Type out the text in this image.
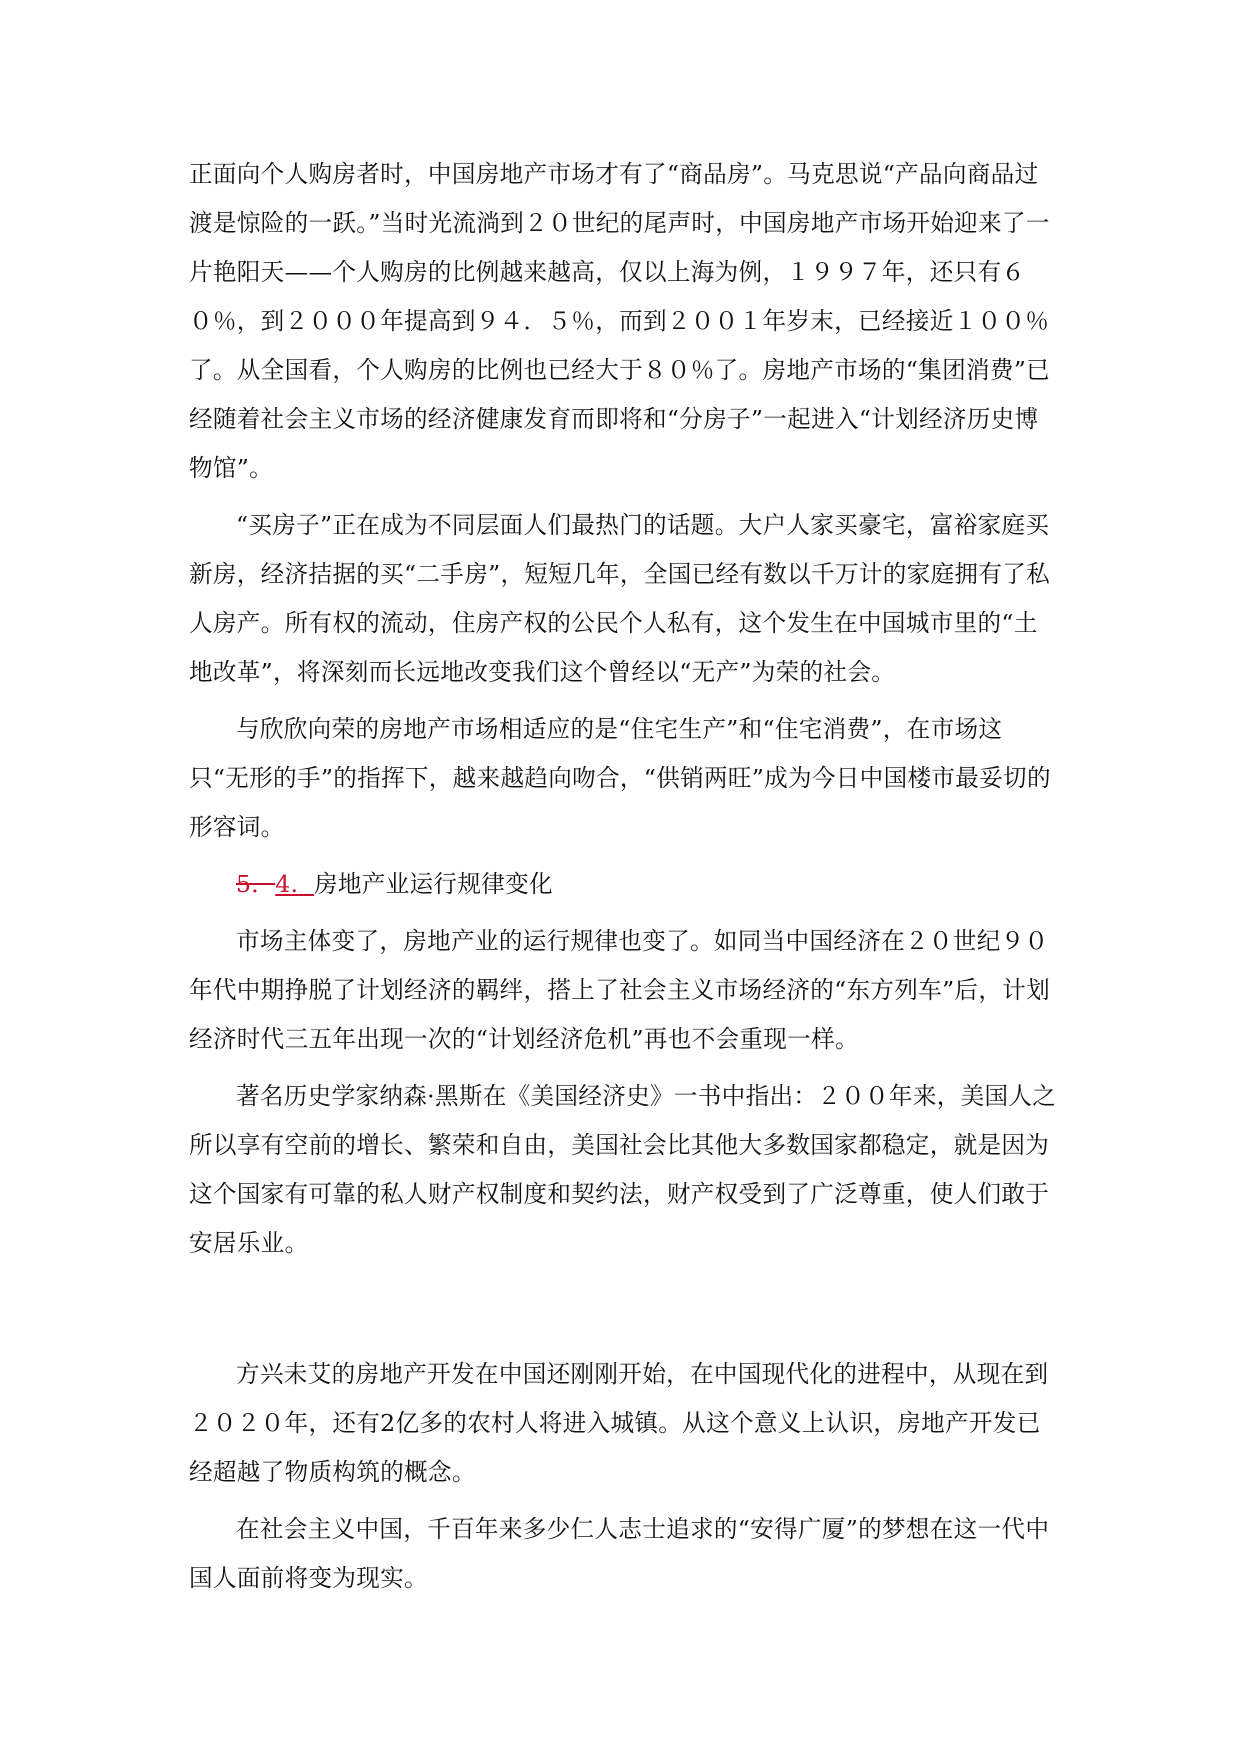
正面向个人购房者时，中国房地产市场才有了“商品房”。马克思说“产品向商品过渡是惊险的一跃。”当时光流淌到２０世纪的尾声时，中国房地产市场开始迎来了一片艳阳天——个人购房的比例越来越高，仅以上海为例，１９９７年，还只有６０％，到２０００年提高到９４．５％，而到２００１年岁末，已经接近１００％了。从全国看，个人购房的比例也已经大于８０％了。房地产市场的“集团消费”已经随着社会主义市场的经济健康发育而即将和“分房子”一起进入“计划经济历史博物馆”。

“买房子”正在成为不同层面人们最热门的话题。大户人家买豪宅，富裕家庭买新房，经济拮据的买“二手房”，短短几年，全国已经有数以千万计的家庭拥有了私人房产。所有权的流动，住房产权的公民个人私有，这个发生在中国城市里的“土地改革”，将深刻而长远地改变我们这个曾经以“无产”为荣的社会。

与欣欣向荣的房地产市场相适应的是“住宅生产”和“住宅消费”，在市场这只“无形的手”的指挥下，越来越趋向吻合，“供销两旺”成为今日中国楼市最妥切的形容词。

5．4. 房地产业运行规律变化

市场主体变了，房地产业的运行规律也变了。如同当中国经济在２０世纪９０年代中期挣脱了计划经济的羁绊，搭上了社会主义市场经济的“东方列车”后，计划经济时代三五年出现一次的“计划经济危机”再也不会重现一样。

著名历史学家纳森·黑斯在《美国经济史》一书中指出：２００年来，美国人之所以享有空前的增长、繁荣和自由，美国社会比其他大多数国家都稳定，就是因为这个国家有可靠的私人财产权制度和契约法，财产权受到了广泛尊重，使人们敢于安居乐业。

方兴未艾的房地产开发在中国还刚刚开始，在中国现代化的进程中，从现在到２０２０年，还有2亿多的农村人将进入城镇。从这个意义上认识，房地产开发已经超越了物质构筑的概念。

在社会主义中国，千百年来多少仁人志士追求的“安得广厦”的梦想在这一代中国人面前将变为现实。
